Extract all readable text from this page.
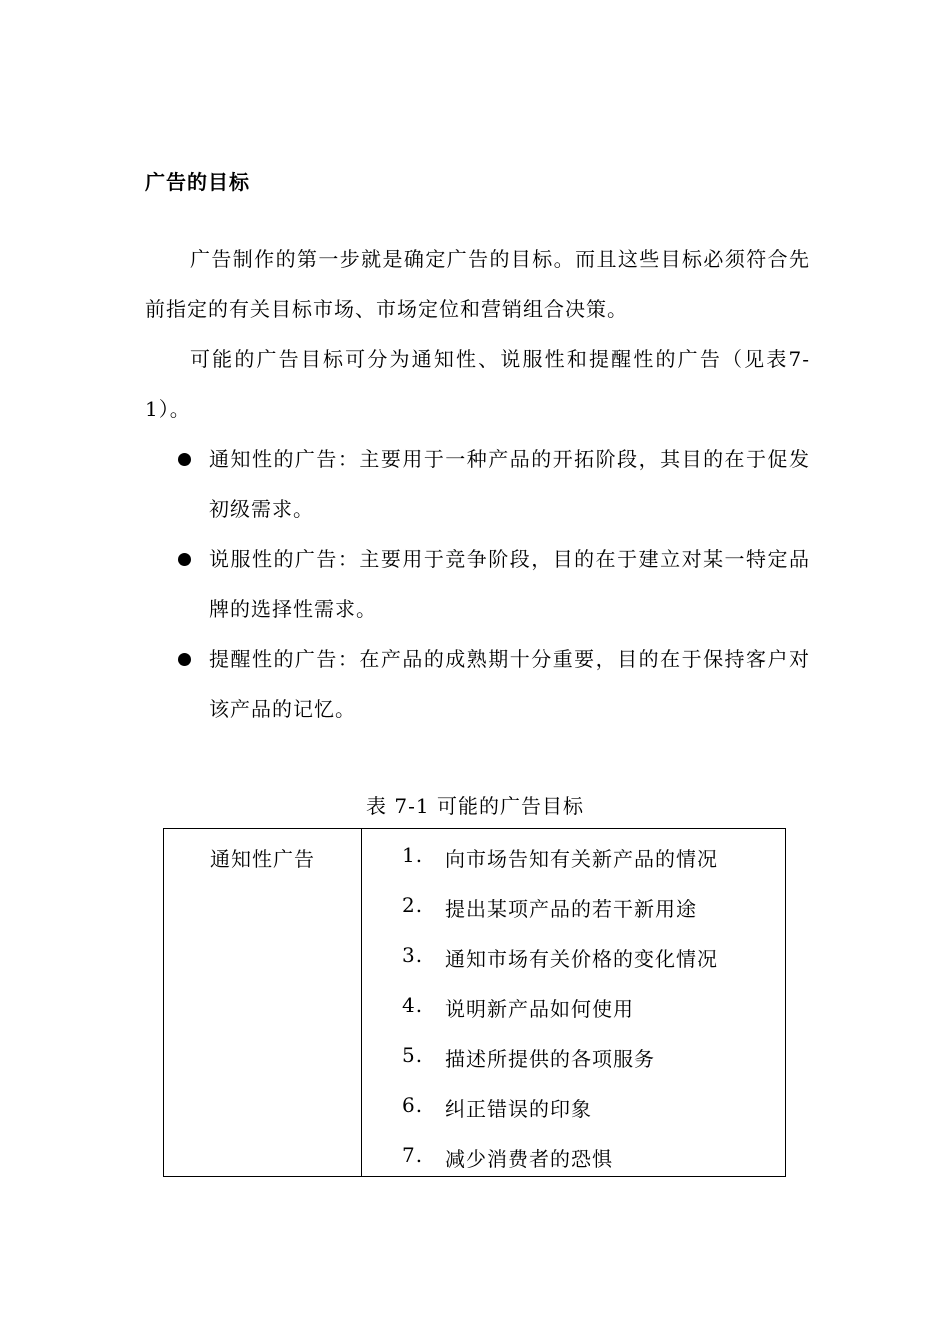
广告的目标
广告制作的第一步就是确定广告的目标。而且这些目标必须符合先前指定的有关目标市场、市场定位和营销组合决策。
可能的广告目标可分为通知性、说服性和提醒性的广告（见表7-1）。
通知性的广告：主要用于一种产品的开拓阶段，其目的在于促发初级需求。
说服性的广告：主要用于竞争阶段，目的在于建立对某一特定品牌的选择性需求。
提醒性的广告：在产品的成熟期十分重要，目的在于保持客户对该产品的记忆。
表 7-1 可能的广告目标
通知性广告	1. 向市场告知有关新产品的情况
2. 提出某项产品的若干新用途
3. 通知市场有关价格的变化情况
4. 说明新产品如何使用
5. 描述所提供的各项服务
6. 纠正错误的印象
7. 减少消费者的恐惧
